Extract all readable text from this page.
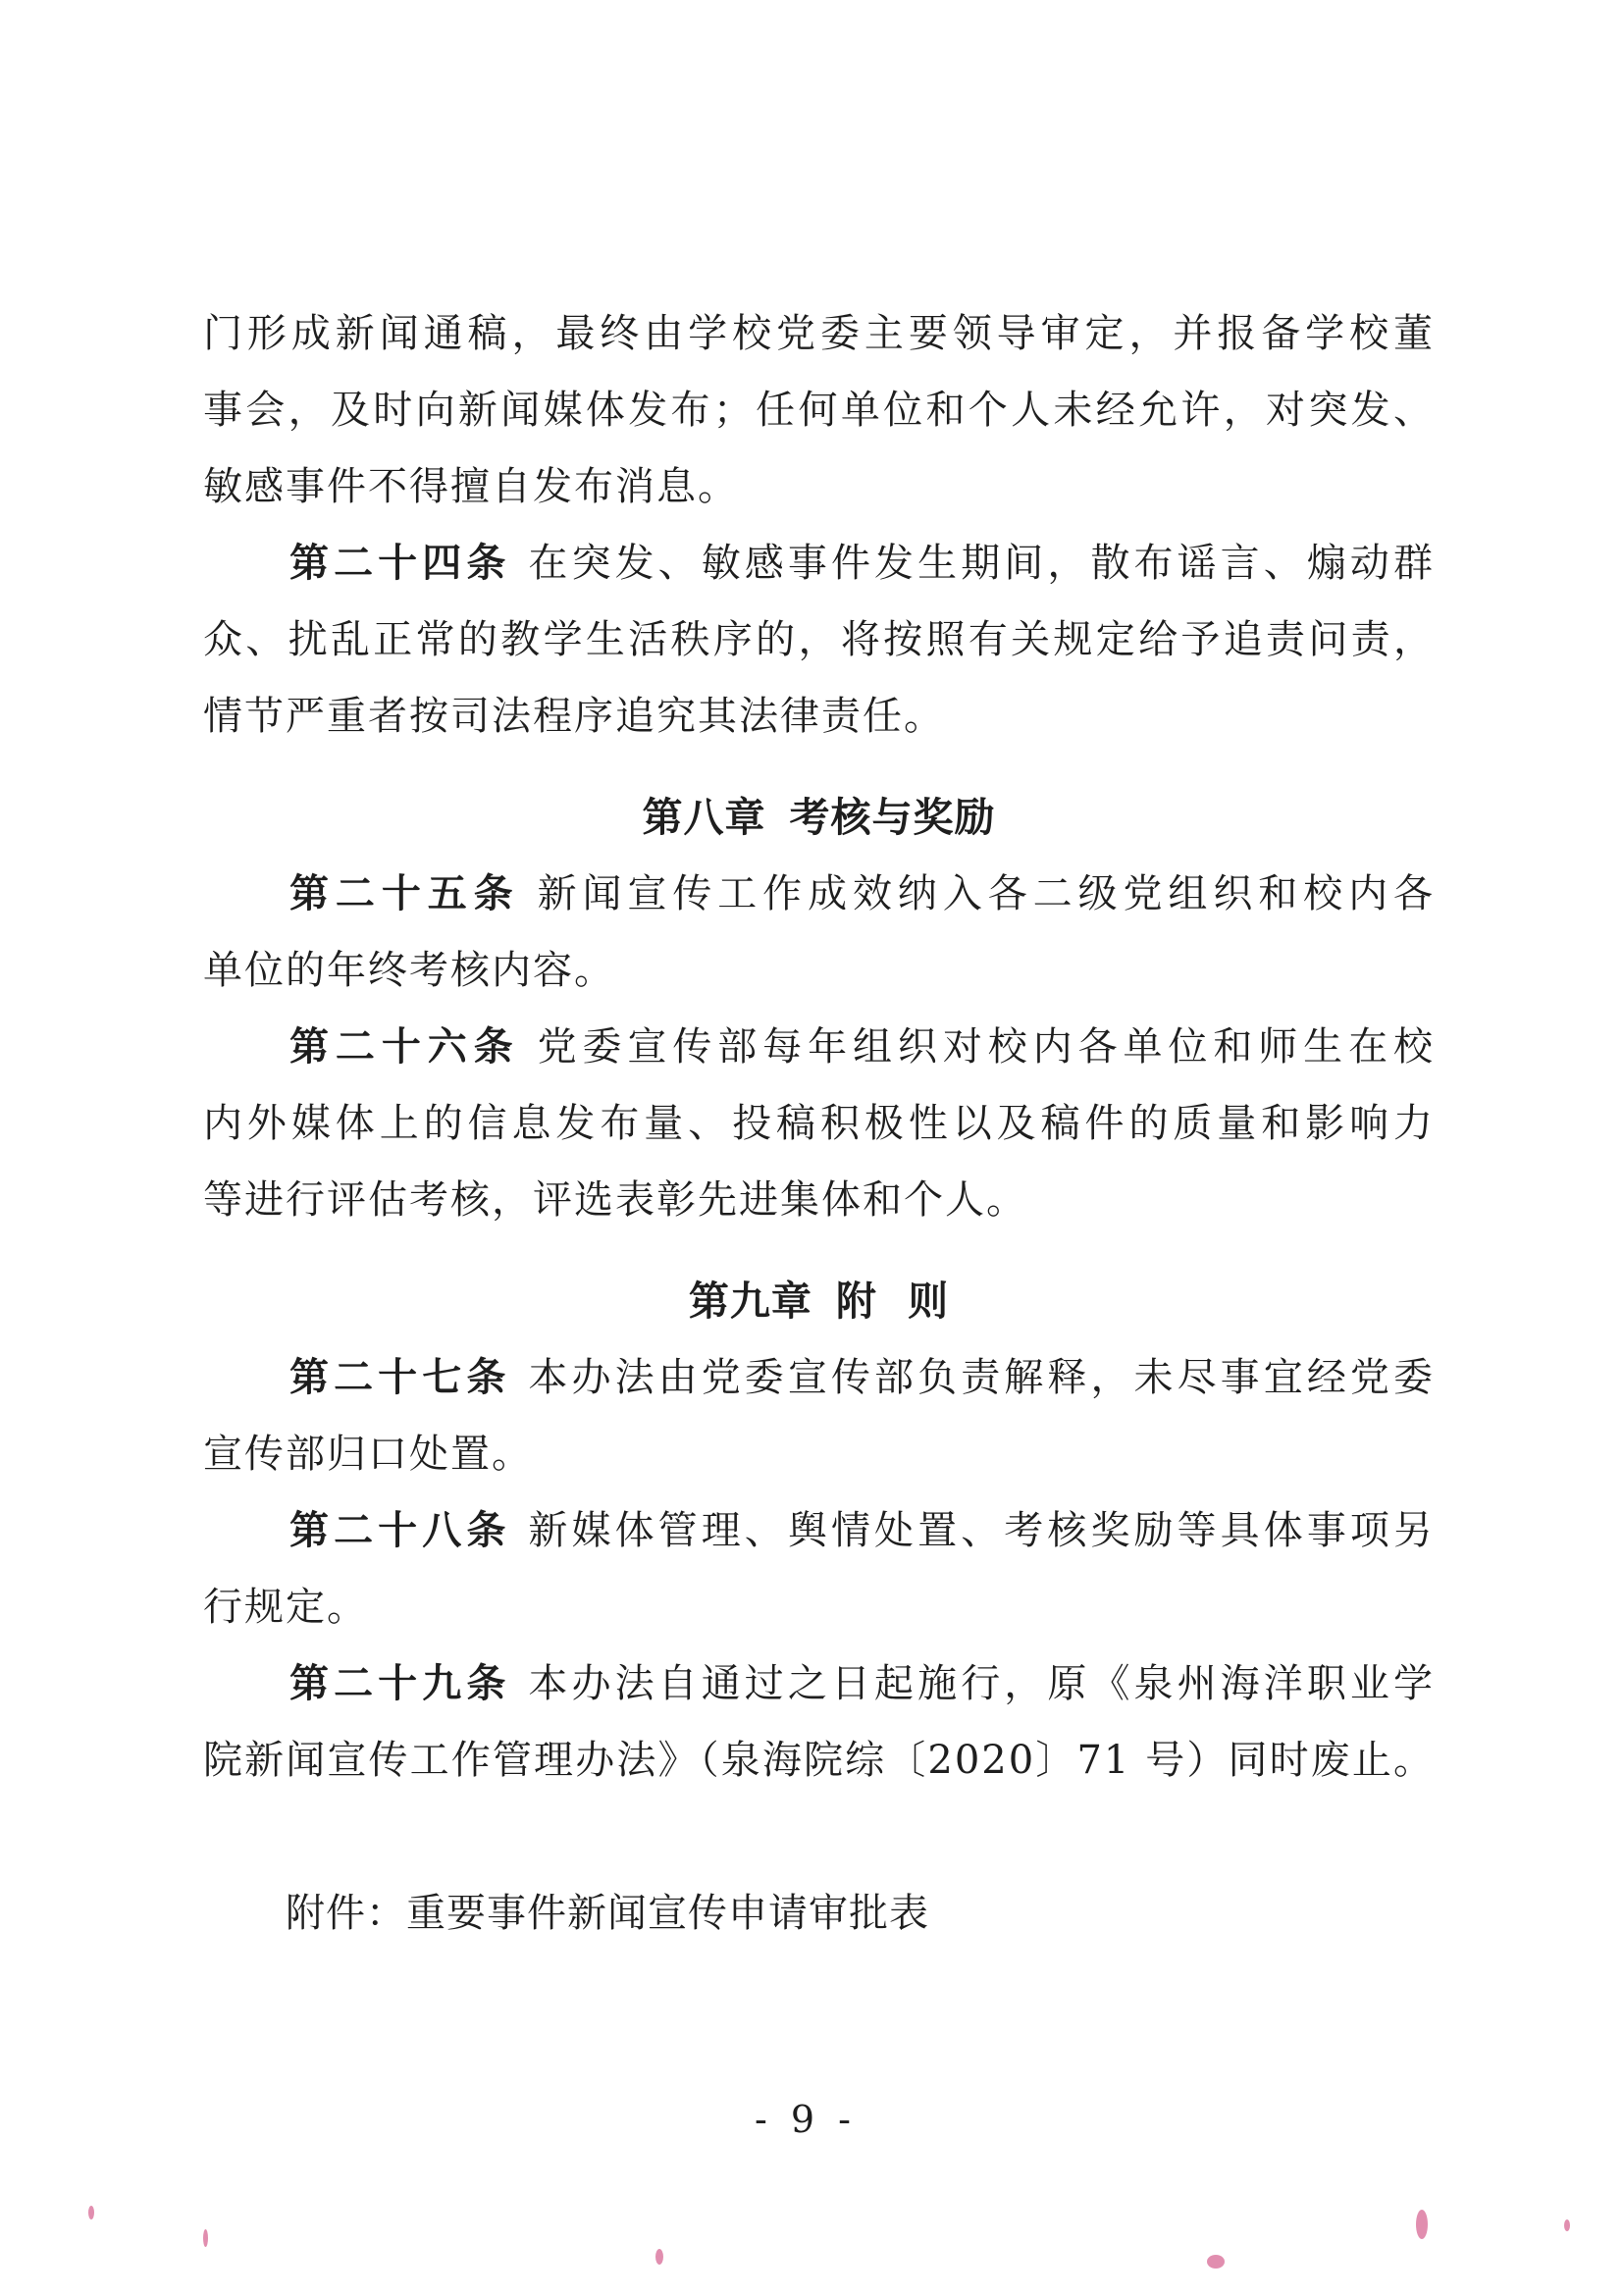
门形成新闻通稿，最终由学校党委主要领导审定，并报备学校董
事会，及时向新闻媒体发布；任何单位和个人未经允许，对突发、
敏感事件不得擅自发布消息。
第二十四条 在突发、敏感事件发生期间，散布谣言、煽动群
众、扰乱正常的教学生活秩序的，将按照有关规定给予追责问责，
情节严重者按司法程序追究其法律责任。
第八章 考核与奖励
第二十五条 新闻宣传工作成效纳入各二级党组织和校内各
单位的年终考核内容。
第二十六条 党委宣传部每年组织对校内各单位和师生在校
内外媒体上的信息发布量、投稿积极性以及稿件的质量和影响力
等进行评估考核，评选表彰先进集体和个人。
第九章 附 则
第二十七条 本办法由党委宣传部负责解释，未尽事宜经党委
宣传部归口处置。
第二十八条 新媒体管理、舆情处置、考核奖励等具体事项另
行规定。
第二十九条 本办法自通过之日起施行，原《泉州海洋职业学
院新闻宣传工作管理办法》（泉海院综〔2020〕71 号）同时废止。
附件：重要事件新闻宣传申请审批表
- 9 -
